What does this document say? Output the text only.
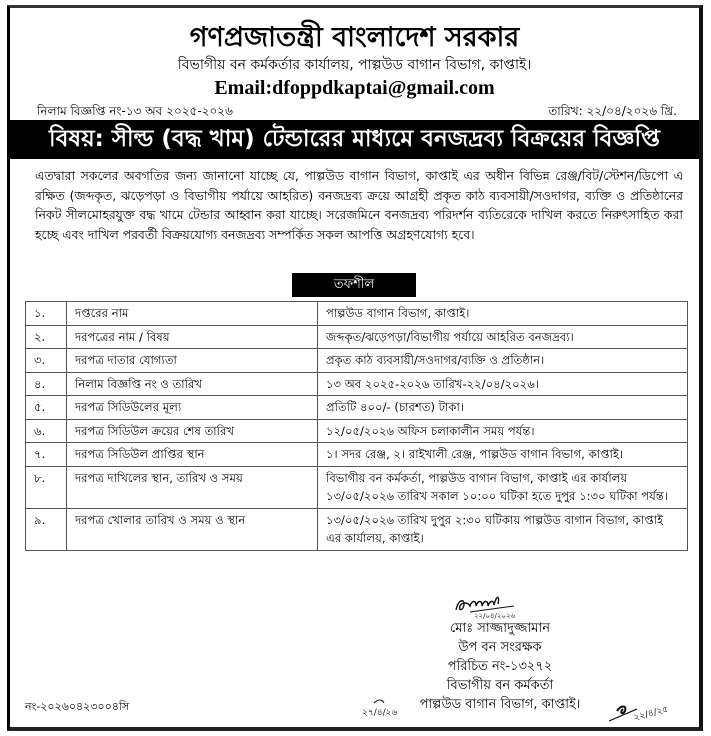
গণপ্রজাতন্ত্রী বাংলাদেশ সরকার
বিভাগীয় বন কর্মকর্তার কার্যালয়, পাল্পউড বাগান বিভাগ, কাপ্তাই।
Email:dfoppdkaptai@gmail.com
নিলাম বিজ্ঞপ্তি নং-১৩ অব ২০২৫-২০২৬	তারিখ: ২২/০৪/২০২৬ খ্রি.
বিষয়: সীল্ড (বদ্ধ খাম) টেন্ডারের মাধ্যমে বনজদ্রব্য বিক্রয়ের বিজ্ঞপ্তি
এতদ্বারা সকলের অবগতির জন্য জানানো যাচ্ছে যে, পাল্পউড বাগান বিভাগ, কাপ্তাই এর অধীন বিভিন্ন রেঞ্জ/বিট/স্টেশন/ডিপো এ রক্ষিত (জব্দকৃত, ঝড়েপড়া ও বিভাগীয় পর্যায়ে আহরিত) বনজদ্রব্য ক্রয়ে আগ্রহী প্রকৃত কাঠ ব্যবসায়ী/সওদাগর, ব্যক্তি ও প্রতিষ্ঠানের নিকট সীলমোহরযুক্ত বদ্ধ খামে টেন্ডার আহ্বান করা যাচ্ছে। সরেজমিনে বনজদ্রব্য পরিদর্শন ব্যতিরেকে দাখিল করতে নিরুৎসাহিত করা হচ্ছে এবং দাখিল পরবর্তী বিক্রয়যোগ্য বনজদ্রব্য সম্পর্কিত সকল আপত্তি অগ্রহণযোগ্য হবে।
তফশীল
১.	দপ্তরের নাম	পাল্পউড বাগান বিভাগ, কাপ্তাই।
২.	দরপত্রের নাম / বিষয়	জব্দকৃত/ঝড়েপড়া/বিভাগীয় পর্যায়ে আহরিত বনজদ্রব্য।
৩.	দরপত্র দাতার যোগ্যতা	প্রকৃত কাঠ ব্যবসায়ী/সওদাগর/ব্যক্তি ও প্রতিষ্ঠান।
৪.	নিলাম বিজ্ঞপ্তি নং ও তারিখ	১৩ অব ২০২৫-২০২৬ তারিখ-২২/০৪/২০২৬।
৫.	দরপত্র সিডিউলের মূল্য	প্রতিটি ৪০০/- (চারশত) টাকা।
৬.	দরপত্র সিডিউল ক্রয়ের শেষ তারিখ	১২/০৫/২০২৬ অফিস চলাকালীন সময় পর্যন্ত।
৭.	দরপত্র সিডিউল প্রাপ্তির স্থান	১। সদর রেঞ্জ, ২। রাইখালী রেঞ্জ, পাল্পউড বাগান বিভাগ, কাপ্তাই।
৮.	দরপত্র দাখিলের স্থান, তারিখ ও সময়	বিভাগীয় বন কর্মকর্তা, পাল্পউড বাগান বিভাগ, কাপ্তাই এর কার্যালয় ১৩/০৫/২০২৬ তারিখ সকাল ১০:০০ ঘটিকা হতে দুপুর ১:৩০ ঘটিকা পর্যন্ত।
৯.	দরপত্র খোলার তারিখ ও সময় ও স্থান	১৩/০৫/২০২৬ তারিখ দুপুর ২:৩০ ঘটিকায় পাল্পউড বাগান বিভাগ, কাপ্তাই এর কার্যালয়, কাপ্তাই।
২২/০৪/২০২৬
মোঃ সাজ্জাদুজ্জামান
উপ বন সংরক্ষক
পরিচিত নং-১৩২৭২
বিভাগীয় বন কর্মকর্তা
পাল্পউড বাগান বিভাগ, কাপ্তাই।
২৭/৪/২৬	২২/৪/২৫
নং-২০২৬০৪২৩০০৪সি
